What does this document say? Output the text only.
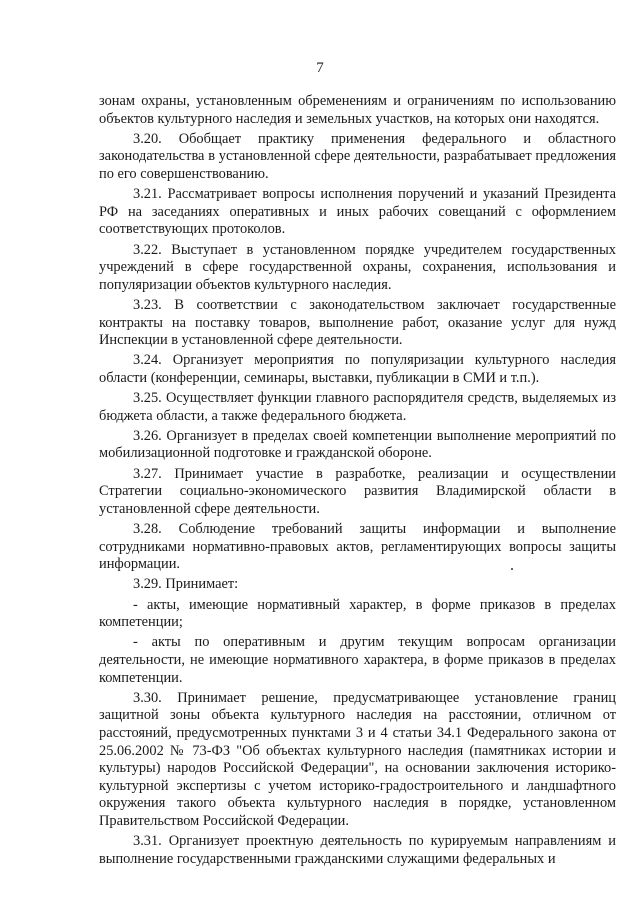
7

зонам охраны, установленным обременениям и ограничениям по использованию объектов культурного наследия и земельных участков, на которых они находятся.

3.20. Обобщает практику применения федерального и областного законодательства в установленной сфере деятельности, разрабатывает предложения по его совершенствованию.

3.21. Рассматривает вопросы исполнения поручений и указаний Президента РФ на заседаниях оперативных и иных рабочих совещаний с оформлением соответствующих протоколов.

3.22. Выступает в установленном порядке учредителем государственных учреждений в сфере государственной охраны, сохранения, использования и популяризации объектов культурного наследия.

3.23. В соответствии с законодательством заключает государственные контракты на поставку товаров, выполнение работ, оказание услуг для нужд Инспекции в установленной сфере деятельности.

3.24. Организует мероприятия по популяризации культурного наследия области (конференции, семинары, выставки, публикации в СМИ и т.п.).

3.25. Осуществляет функции главного распорядителя средств, выделяемых из бюджета области, а также федерального бюджета.

3.26. Организует в пределах своей компетенции выполнение мероприятий по мобилизационной подготовке и гражданской обороне.

3.27. Принимает участие в разработке, реализации и осуществлении Стратегии социально-экономического развития Владимирской области в установленной сфере деятельности.

3.28. Соблюдение требований защиты информации и выполнение сотрудниками нормативно-правовых актов, регламентирующих вопросы защиты информации.

3.29. Принимает:

- акты, имеющие нормативный характер, в форме приказов в пределах компетенции;

- акты по оперативным и другим текущим вопросам организации деятельности, не имеющие нормативного характера, в форме приказов в пределах компетенции.

3.30. Принимает решение, предусматривающее установление границ защитной зоны объекта культурного наследия на расстоянии, отличном от расстояний, предусмотренных пунктами 3 и 4 статьи 34.1 Федерального закона от 25.06.2002 № 73-ФЗ "Об объектах культурного наследия (памятниках истории и культуры) народов Российской Федерации", на основании заключения историко-культурной экспертизы с учетом историко-градостроительного и ландшафтного окружения такого объекта культурного наследия в порядке, установленном Правительством Российской Федерации.

3.31. Организует проектную деятельность по курируемым направлениям и выполнение государственными гражданскими служащими федеральных и
